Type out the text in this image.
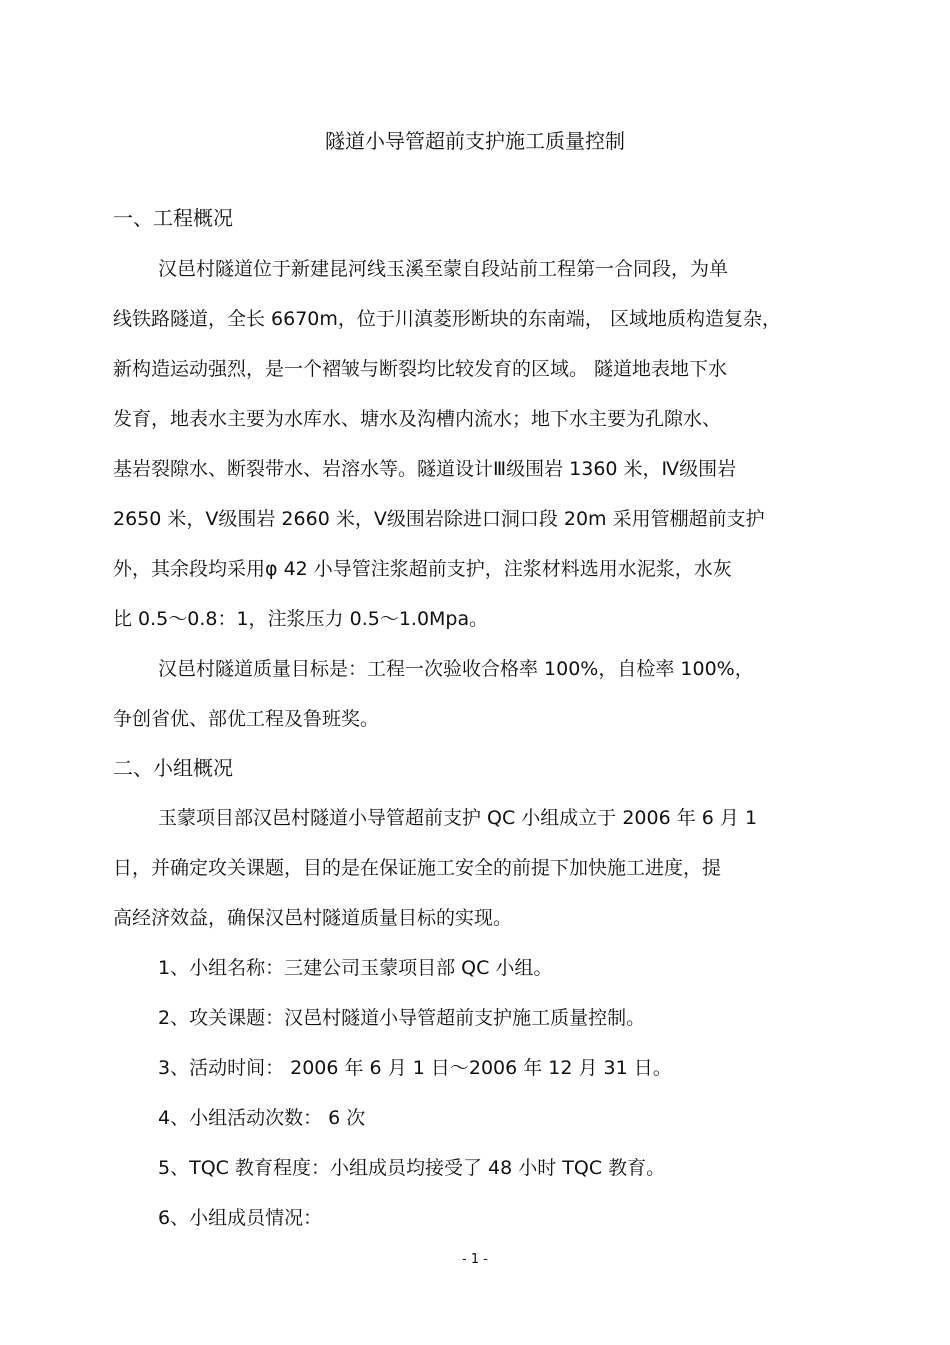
隧道小导管超前支护施工质量控制
一、工程概况
汉邑村隧道位于新建昆河线玉溪至蒙自段站前工程第一合同段，为单
线铁路隧道，全长 6670m，位于川滇菱形断块的东南端， 区域地质构造复杂，
新构造运动强烈，是一个褶皱与断裂均比较发育的区域。 隧道地表地下水
发育，地表水主要为水库水、塘水及沟槽内流水；地下水主要为孔隙水、
基岩裂隙水、断裂带水、岩溶水等。隧道设计Ⅲ级围岩 1360 米，Ⅳ级围岩
2650 米，Ⅴ级围岩 2660 米，Ⅴ级围岩除进口洞口段 20m 采用管棚超前支护
外，其余段均采用φ 42 小导管注浆超前支护，注浆材料选用水泥浆，水灰
比 0.5～0.8：1，注浆压力 0.5～1.0Mpa。
汉邑村隧道质量目标是：工程一次验收合格率 100%，自检率 100%，
争创省优、部优工程及鲁班奖。
二、小组概况
玉蒙项目部汉邑村隧道小导管超前支护 QC 小组成立于 2006 年 6 月 1
日，并确定攻关课题，目的是在保证施工安全的前提下加快施工进度，提
高经济效益，确保汉邑村隧道质量目标的实现。
1、小组名称：三建公司玉蒙项目部 QC 小组。
2、攻关课题：汉邑村隧道小导管超前支护施工质量控制。
3、活动时间： 2006 年 6 月 1 日～2006 年 12 月 31 日。
4、小组活动次数： 6 次
5、TQC 教育程度：小组成员均接受了 48 小时 TQC 教育。
6、小组成员情况：
- 1 -
